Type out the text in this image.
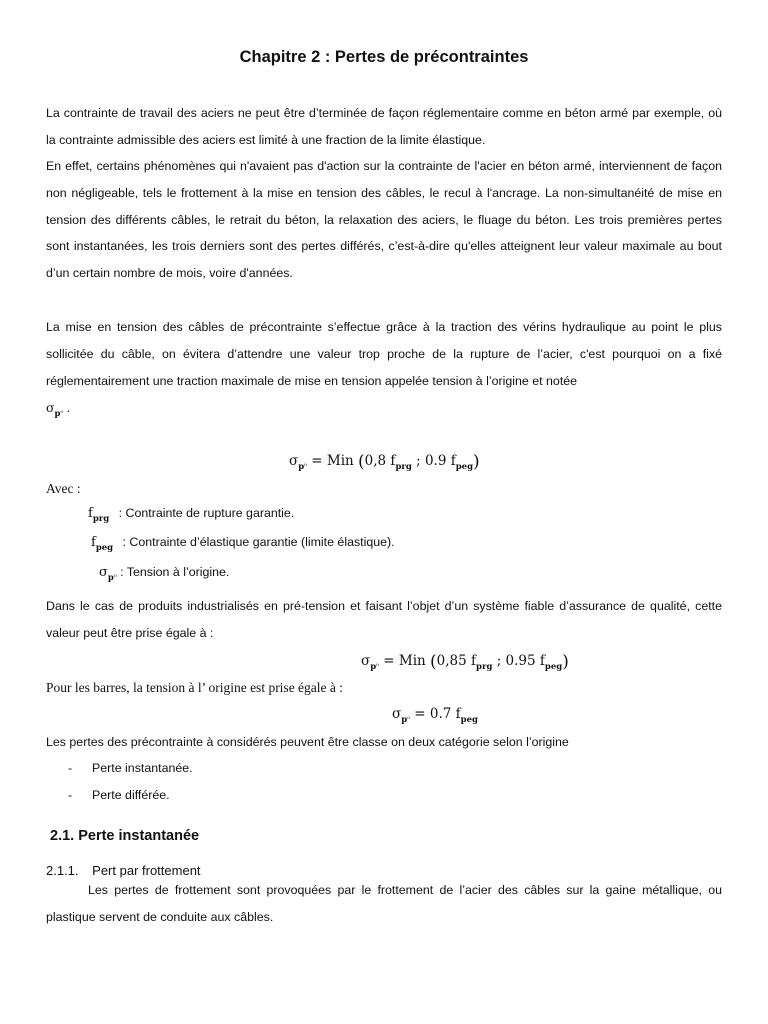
Chapitre 2 : Pertes de précontraintes
La contrainte de travail des aciers ne peut être d’terminée de façon réglementaire comme en béton armé par exemple, où la contrainte admissible des aciers est limité à une fraction de la limite élastique.
En effet, certains phénomènes qui n'avaient pas d'action sur la contrainte de l'acier en béton armé, interviennent de façon non négligeable, tels le frottement à la mise en tension des câbles, le recul à l'ancrage. La non-simultanéité de mise en tension des différents câbles, le retrait du béton, la relaxation des aciers, le fluage du béton. Les trois premières pertes sont instantanées, les trois derniers sont des pertes différés, c’est-à-dire qu'elles atteignent leur valeur maximale au bout d’un certain nombre de mois, voire d'années.
La mise en tension des câbles de précontrainte s’effectue grâce à la traction des vérins hydraulique au point le plus sollicitée du câble, on évitera d’attendre une valeur trop proche de la rupture de l’acier, c'est pourquoi on a fixé réglementairement une traction maximale de mise en tension appelée tension à l’origine et notée
$\sigma_p_0$ .
$\sigma_p_0$ = Min (0,8 $f_{prg}$ ; 0.9 $f_{peg}$)
Avec :
$f_{prg}$ : Contrainte de rupture garantie.
$f_{peg}$ : Contrainte d’élastique garantie (limite élastique).
$\sigma_p_0$ : Tension à l’origine.
Dans le cas de produits industrialisés en pré-tension et faisant l’objet d’un système fiable d’assurance de qualité, cette valeur peut être prise égale à :
$\sigma_p_0$ = Min (0,85 $f_{prg}$ ; 0.95 $f_{peg}$)
Pour les barres, la tension à l’ origine est prise égale à :
$\sigma_p_0 = 0.7$ $f_{peg}$
Les pertes des précontrainte à considérés peuvent être classe on deux catégorie selon l’origine
- Perte instantanée.
- Perte différée.
2.1. Perte instantanée
2.1.1. Pert par frottement
Les pertes de frottement sont provoquées par le frottement de l’acier des câbles sur la gaine métallique, ou plastique servent de conduite aux câbles.
